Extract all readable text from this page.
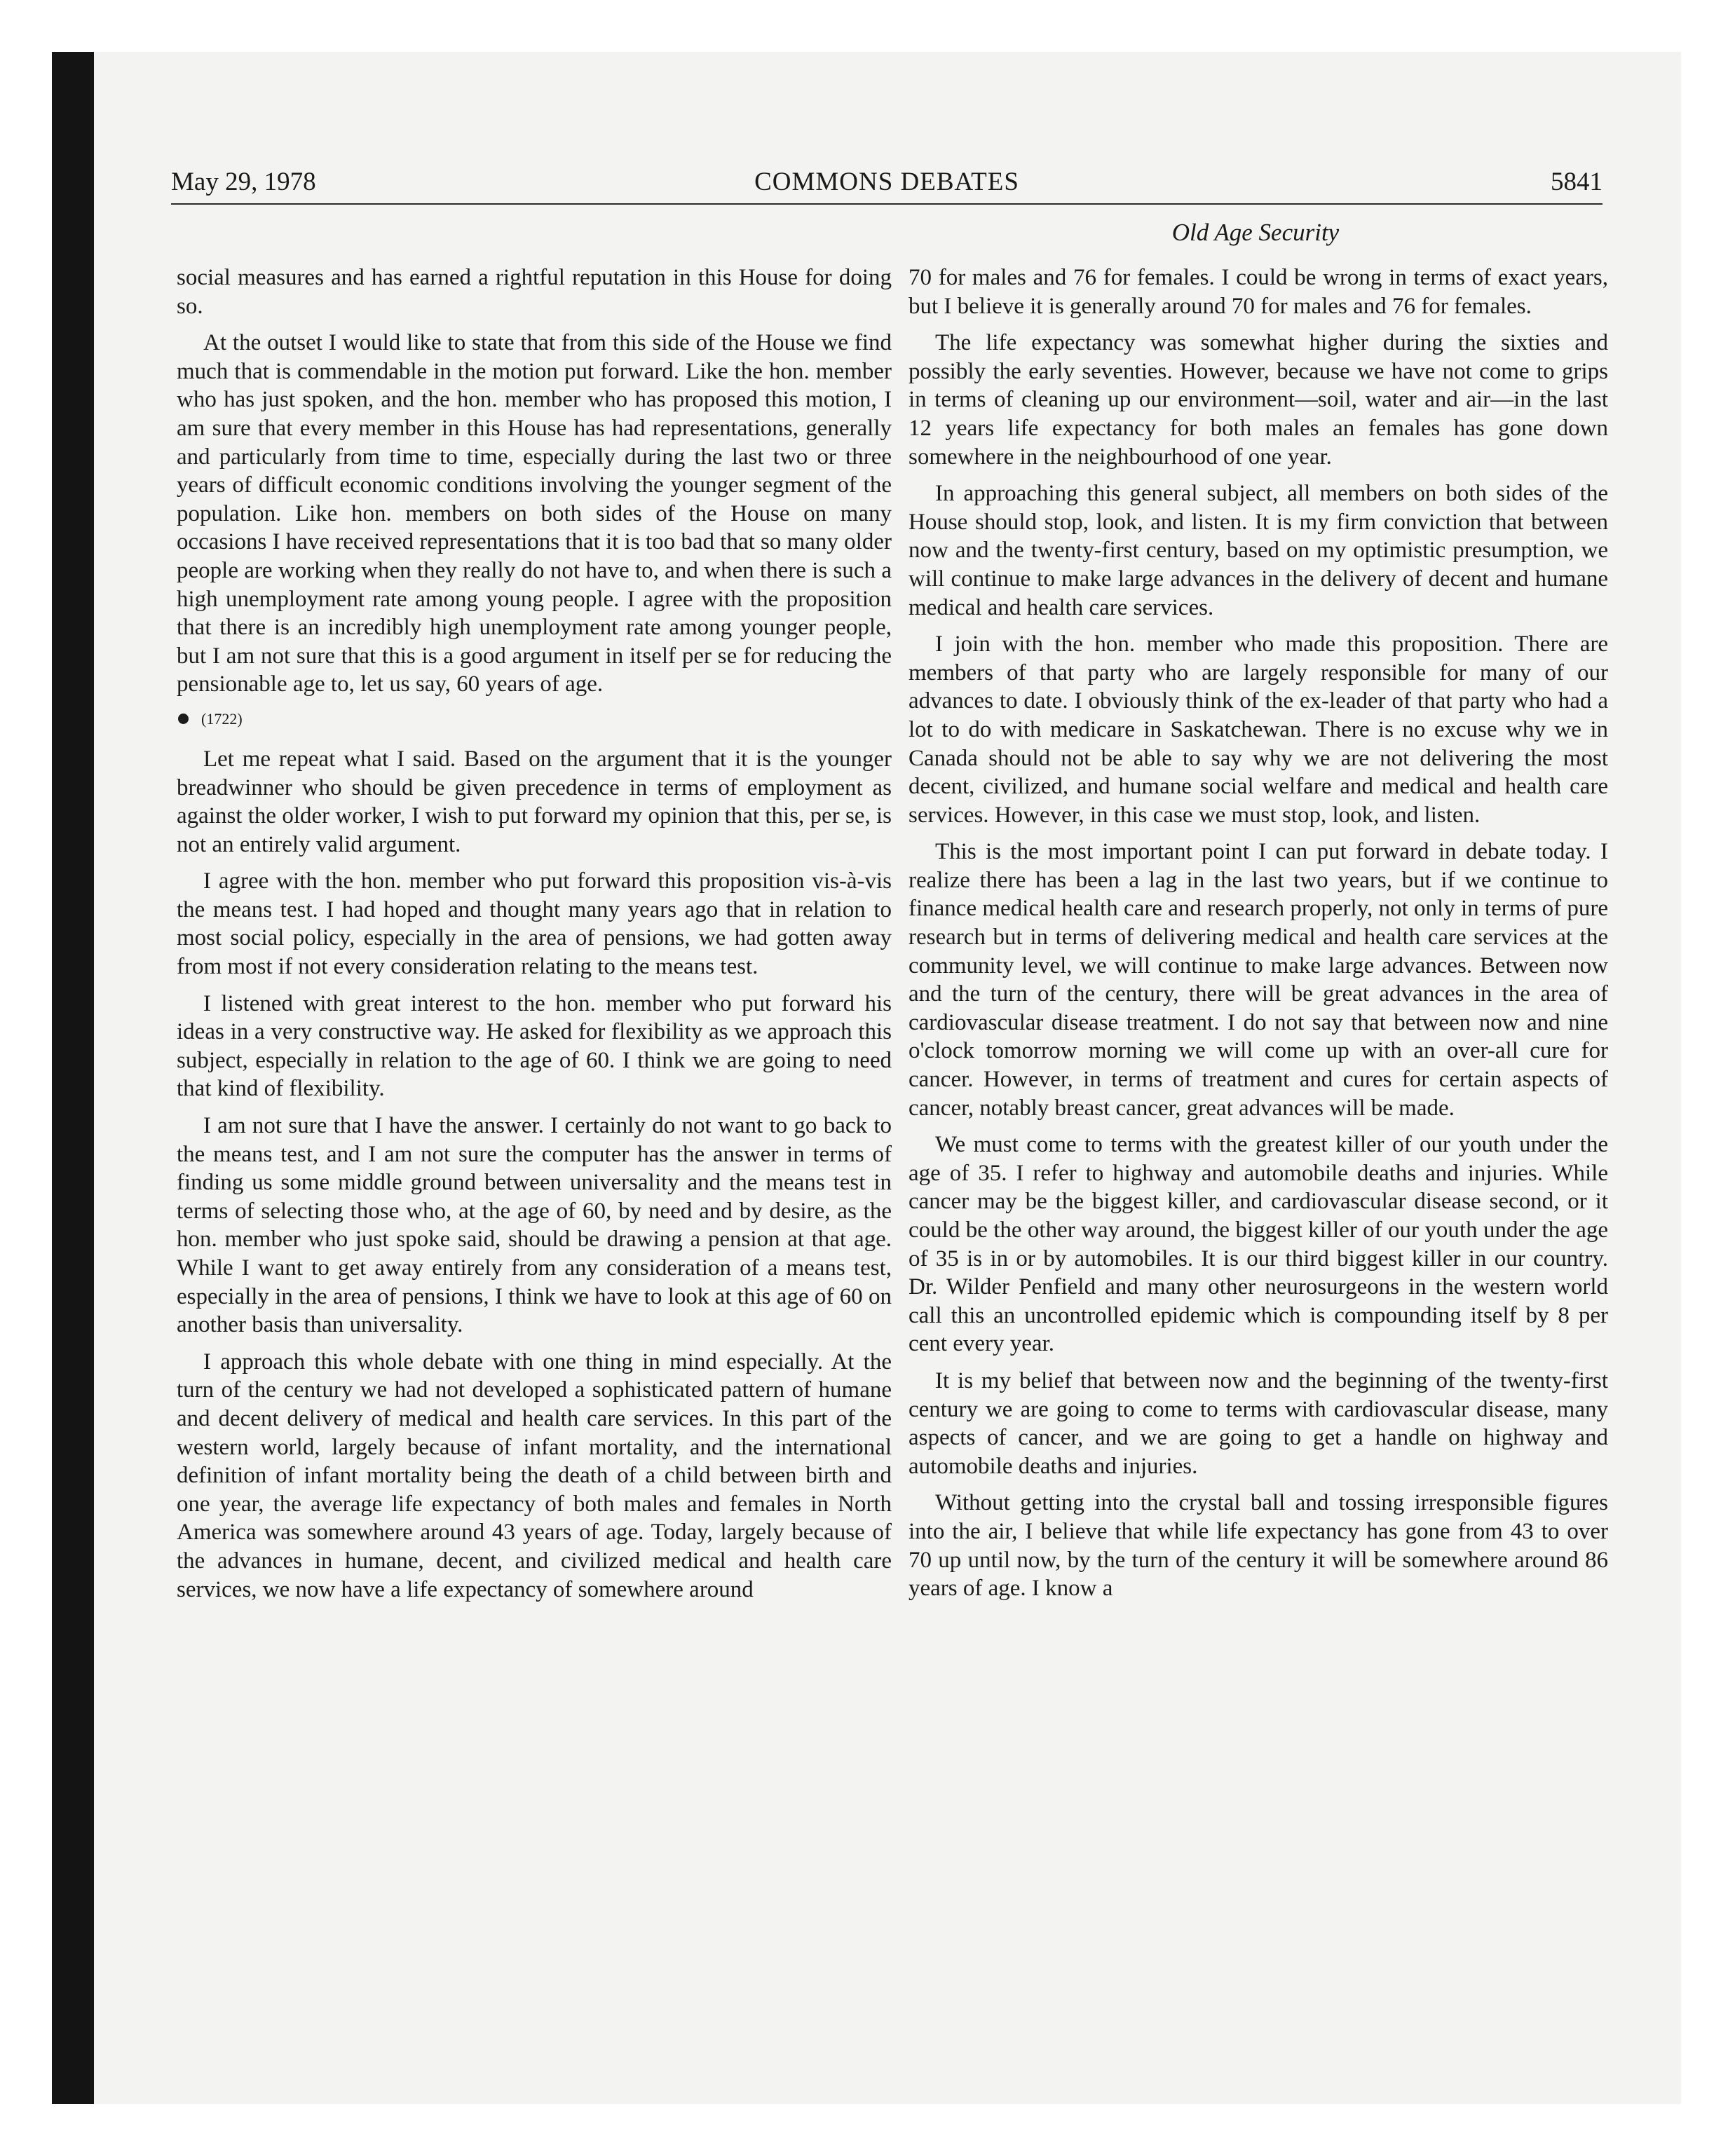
May 29, 1978	COMMONS DEBATES	5841
Old Age Security

social measures and has earned a rightful reputation in this House for doing so.

At the outset I would like to state that from this side of the House we find much that is commendable in the motion put forward. Like the hon. member who has just spoken, and the hon. member who has proposed this motion, I am sure that every member in this House has had representations, generally and particularly from time to time, especially during the last two or three years of difficult economic conditions involving the younger segment of the population. Like hon. members on both sides of the House on many occasions I have received representations that it is too bad that so many older people are working when they really do not have to, and when there is such a high unemployment rate among young people. I agree with the proposition that there is an incredibly high unemployment rate among younger people, but I am not sure that this is a good argument in itself per se for reducing the pensionable age to, let us say, 60 years of age.

(1722)

Let me repeat what I said. Based on the argument that it is the younger breadwinner who should be given precedence in terms of employment as against the older worker, I wish to put forward my opinion that this, per se, is not an entirely valid argument.

I agree with the hon. member who put forward this proposition vis-à-vis the means test. I had hoped and thought many years ago that in relation to most social policy, especially in the area of pensions, we had gotten away from most if not every consideration relating to the means test.

I listened with great interest to the hon. member who put forward his ideas in a very constructive way. He asked for flexibility as we approach this subject, especially in relation to the age of 60. I think we are going to need that kind of flexibility.

I am not sure that I have the answer. I certainly do not want to go back to the means test, and I am not sure the computer has the answer in terms of finding us some middle ground between universality and the means test in terms of selecting those who, at the age of 60, by need and by desire, as the hon. member who just spoke said, should be drawing a pension at that age. While I want to get away entirely from any consideration of a means test, especially in the area of pensions, I think we have to look at this age of 60 on another basis than universality.

I approach this whole debate with one thing in mind especially. At the turn of the century we had not developed a sophisticated pattern of humane and decent delivery of medical and health care services. In this part of the western world, largely because of infant mortality, and the international definition of infant mortality being the death of a child between birth and one year, the average life expectancy of both males and females in North America was somewhere around 43 years of age. Today, largely because of the advances in humane, decent, and civilized medical and health care services, we now have a life expectancy of somewhere around

70 for males and 76 for females. I could be wrong in terms of exact years, but I believe it is generally around 70 for males and 76 for females.

The life expectancy was somewhat higher during the sixties and possibly the early seventies. However, because we have not come to grips in terms of cleaning up our environment—soil, water and air—in the last 12 years life expectancy for both males an females has gone down somewhere in the neighbourhood of one year.

In approaching this general subject, all members on both sides of the House should stop, look, and listen. It is my firm conviction that between now and the twenty-first century, based on my optimistic presumption, we will continue to make large advances in the delivery of decent and humane medical and health care services.

I join with the hon. member who made this proposition. There are members of that party who are largely responsible for many of our advances to date. I obviously think of the ex-leader of that party who had a lot to do with medicare in Saskatchewan. There is no excuse why we in Canada should not be able to say why we are not delivering the most decent, civilized, and humane social welfare and medical and health care services. However, in this case we must stop, look, and listen.

This is the most important point I can put forward in debate today. I realize there has been a lag in the last two years, but if we continue to finance medical health care and research properly, not only in terms of pure research but in terms of delivering medical and health care services at the community level, we will continue to make large advances. Between now and the turn of the century, there will be great advances in the area of cardiovascular disease treatment. I do not say that between now and nine o'clock tomorrow morning we will come up with an over-all cure for cancer. However, in terms of treatment and cures for certain aspects of cancer, notably breast cancer, great advances will be made.

We must come to terms with the greatest killer of our youth under the age of 35. I refer to highway and automobile deaths and injuries. While cancer may be the biggest killer, and cardiovascular disease second, or it could be the other way around, the biggest killer of our youth under the age of 35 is in or by automobiles. It is our third biggest killer in our country. Dr. Wilder Penfield and many other neurosurgeons in the western world call this an uncontrolled epidemic which is compounding itself by 8 per cent every year.

It is my belief that between now and the beginning of the twenty-first century we are going to come to terms with cardiovascular disease, many aspects of cancer, and we are going to get a handle on highway and automobile deaths and injuries.

Without getting into the crystal ball and tossing irresponsible figures into the air, I believe that while life expectancy has gone from 43 to over 70 up until now, by the turn of the century it will be somewhere around 86 years of age. I know a
